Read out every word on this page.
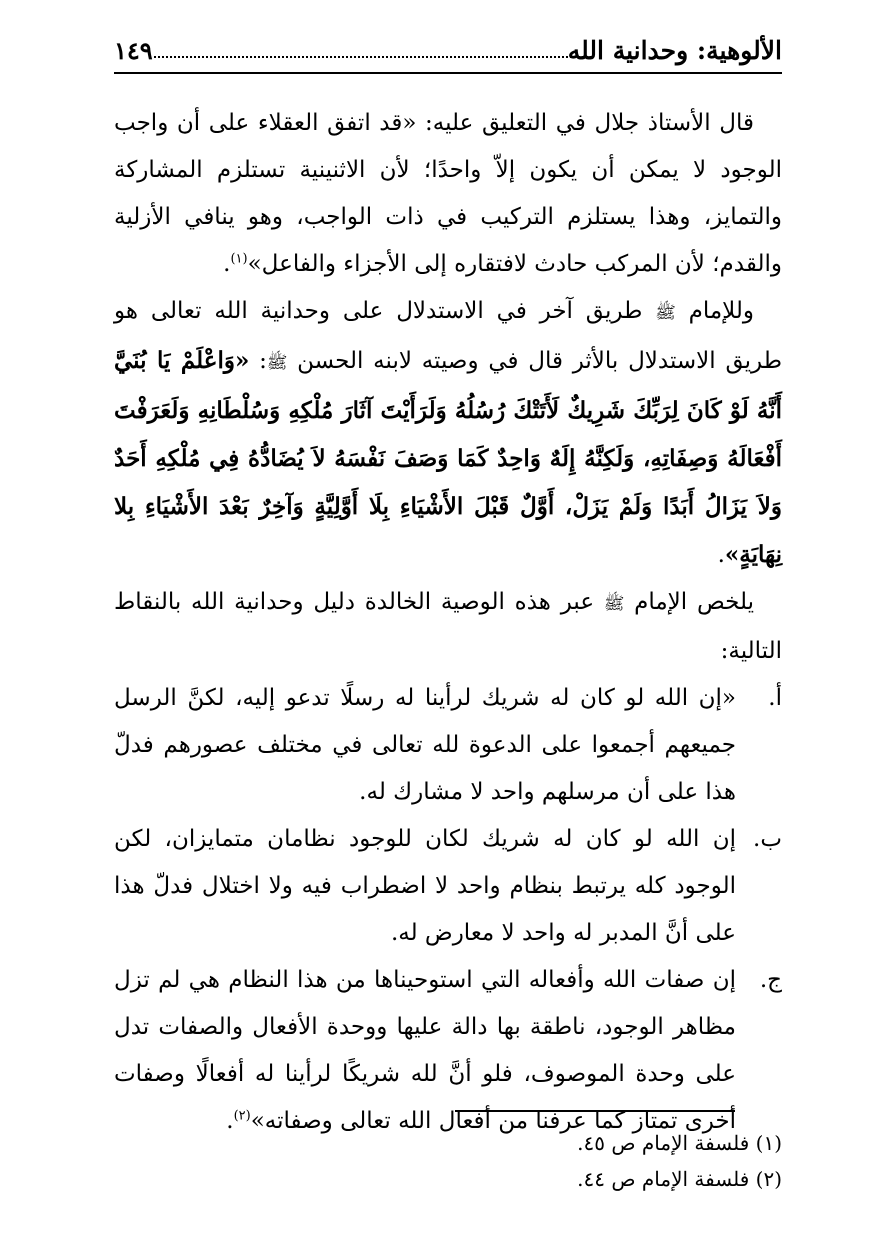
الألوهية: وحدانية الله
١٤٩

قال الأستاذ جلال في التعليق عليه: «قد اتفق العقلاء على أن واجب الوجود لا يمكن أن يكون إلاّ واحدًا؛ لأن الاثنينية تستلزم المشاركة والتمايز، وهذا يستلزم التركيب في ذات الواجب، وهو ينافي الأزلية والقدم؛ لأن المركب حادث لافتقاره إلى الأجزاء والفاعل»$^{(١)}$.

وللإمام ﷺ طريق آخر في الاستدلال على وحدانية الله تعالى هو طريق الاستدلال بالأثر قال في وصيته لابنه الحسن ﷺ: «وَاعْلَمْ يَا بُنَيَّ أَنَّهُ لَوْ كَانَ لِرَبِّكَ شَرِيكٌ لَأَتَتْكَ رُسُلُهُ وَلَرَأَيْتَ آثَارَ مُلْكِهِ وَسُلْطَانِهِ وَلَعَرَفْتَ أَفْعَالَهُ وَصِفَاتِهِ، وَلَكِنَّهُ إِلَهٌ وَاحِدٌ كَمَا وَصَفَ نَفْسَهُ لاَ يُضَادُّهُ فِي مُلْكِهِ أَحَدٌ وَلاَ يَزَالُ أَبَدًا وَلَمْ يَزَلْ، أَوَّلٌ قَبْلَ الأَشْيَاءِ بِلَا أَوَّلِيَّةٍ وَآخِرٌ بَعْدَ الأَشْيَاءِ بِلا نِهَايَةٍ».

يلخص الإمام ﷺ عبر هذه الوصية الخالدة دليل وحدانية الله بالنقاط التالية:

أ.
«إن الله لو كان له شريك لرأينا له رسلًا تدعو إليه، لكنَّ الرسل جميعهم أجمعوا على الدعوة لله تعالى في مختلف عصورهم فدلّ هذا على أن مرسلهم واحد لا مشارك له.
ب.
إن الله لو كان له شريك لكان للوجود نظامان متمايزان، لكن الوجود كله يرتبط بنظام واحد لا اضطراب فيه ولا اختلال فدلّ هذا على أنَّ المدبر له واحد لا معارض له.
ج.
إن صفات الله وأفعاله التي استوحيناها من هذا النظام هي لم تزل مظاهر الوجود، ناطقة بها دالة عليها ووحدة الأفعال والصفات تدل على وحدة الموصوف، فلو أنَّ لله شريكًا لرأينا له أفعالًا وصفات أخرى تمتاز كما عرفنا من أفعال الله تعالى وصفاته»$^{(٢)}$.
(١) فلسفة الإمام ص ٤٥.
(٢) فلسفة الإمام ص ٤٤.
